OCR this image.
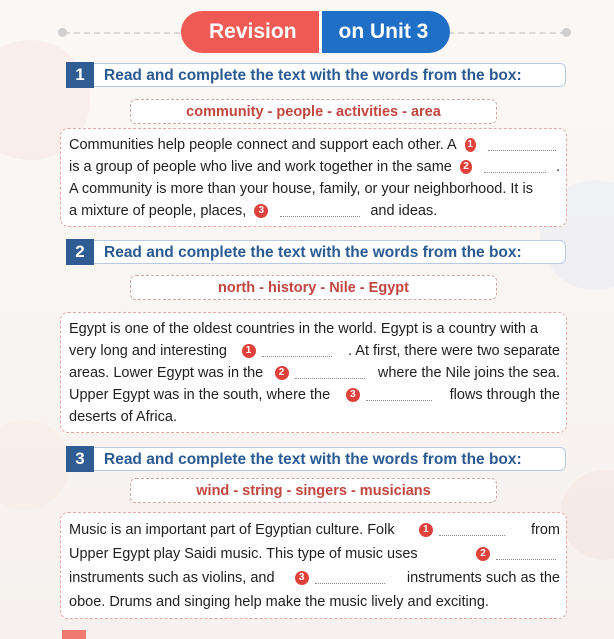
Revision	on Unit 3
1	Read and complete the text with the words from the box:
community - people - activities - area
Communities help people connect and support each other. A 1
is a group of people who live and work together in the same	2	.
A community is more than your house, family, or your neighborhood. It is
a mixture of people, places,	3	and ideas.
2	Read and complete the text with the words from the box:
north - history - Nile - Egypt
Egypt is one of the oldest countries in the world. Egypt is a country with a
very long and interesting	1	. At first, there were two separate
areas. Lower Egypt was in the	2	where the Nile joins the sea.
Upper Egypt was in the south, where the	3	flows through the
deserts of Africa.
3	Read and complete the text with the words from the box:
wind - string - singers - musicians
Music is an important part of Egyptian culture. Folk	1	from
Upper Egypt play Saidi music. This type of music uses	2
instruments such as violins, and	3	instruments such as the
oboe. Drums and singing help make the music lively and exciting.
